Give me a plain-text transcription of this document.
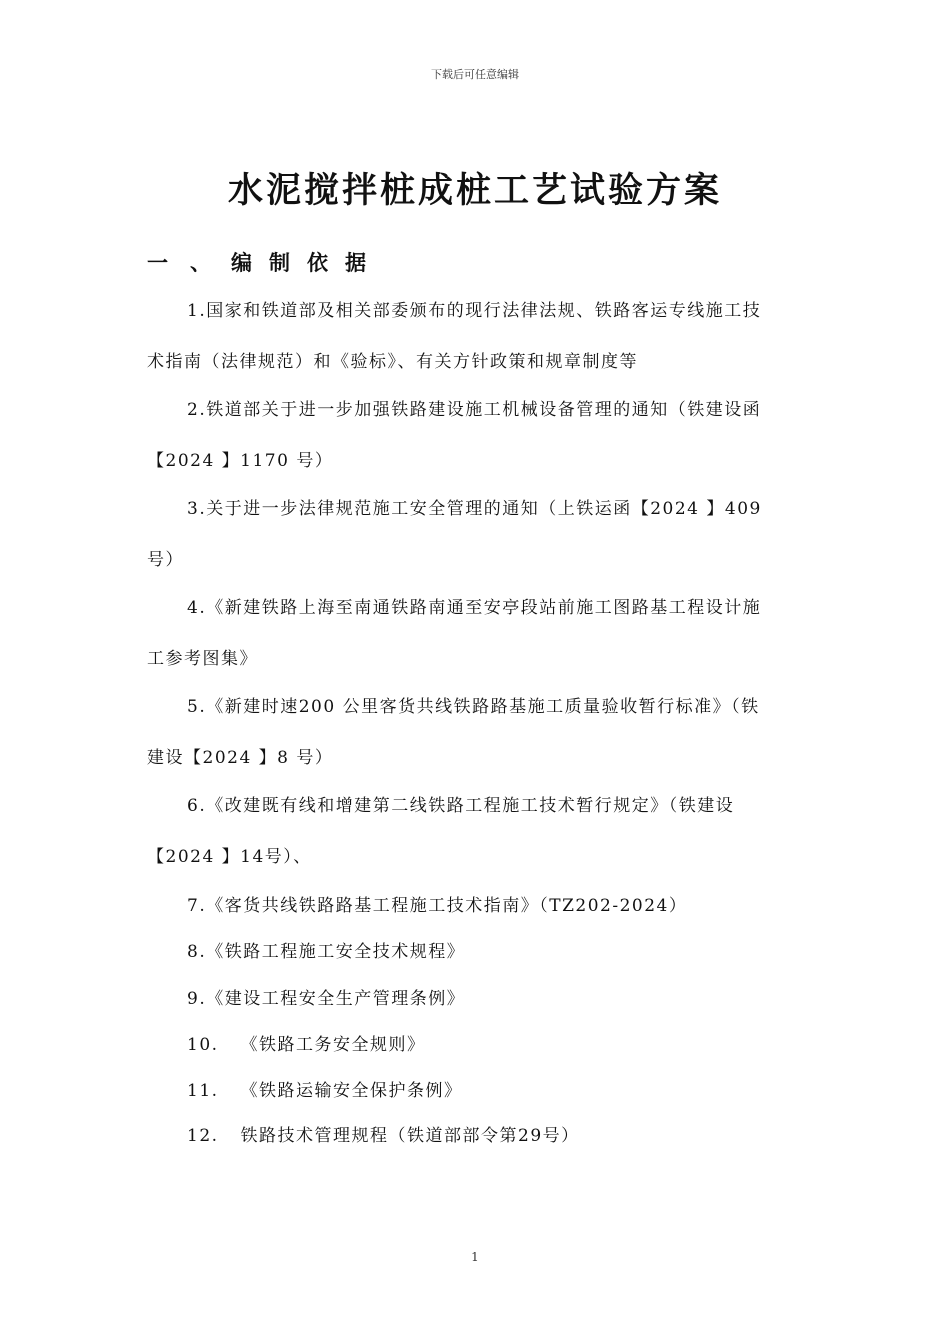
下载后可任意编辑
水泥搅拌桩成桩工艺试验方案
一、
编制依据
1.国家和铁道部及相关部委颁布的现行法律法规、铁路客运专线施工技
术指南（法律规范）和《验标》、有关方针政策和规章制度等
2.铁道部关于进一步加强铁路建设施工机械设备管理的通知（铁建设函
【2024 】1170 号）
3.关于进一步法律规范施工安全管理的通知（上铁运函【2024 】409
号）
4.《新建铁路上海至南通铁路南通至安亭段站前施工图路基工程设计施
工参考图集》
5.《新建时速200 公里客货共线铁路路基施工质量验收暂行标准》（铁
建设【2024 】8 号）
6.《改建既有线和增建第二线铁路工程施工技术暂行规定》（铁建设
【2024 】14号）、
7.《客货共线铁路路基工程施工技术指南》（TZ202-2024）
8.《铁路工程施工安全技术规程》
9.《建设工程安全生产管理条例》
10. 《铁路工务安全规则》
11. 《铁路运输安全保护条例》
12. 铁路技术管理规程（铁道部部令第29号）
1
